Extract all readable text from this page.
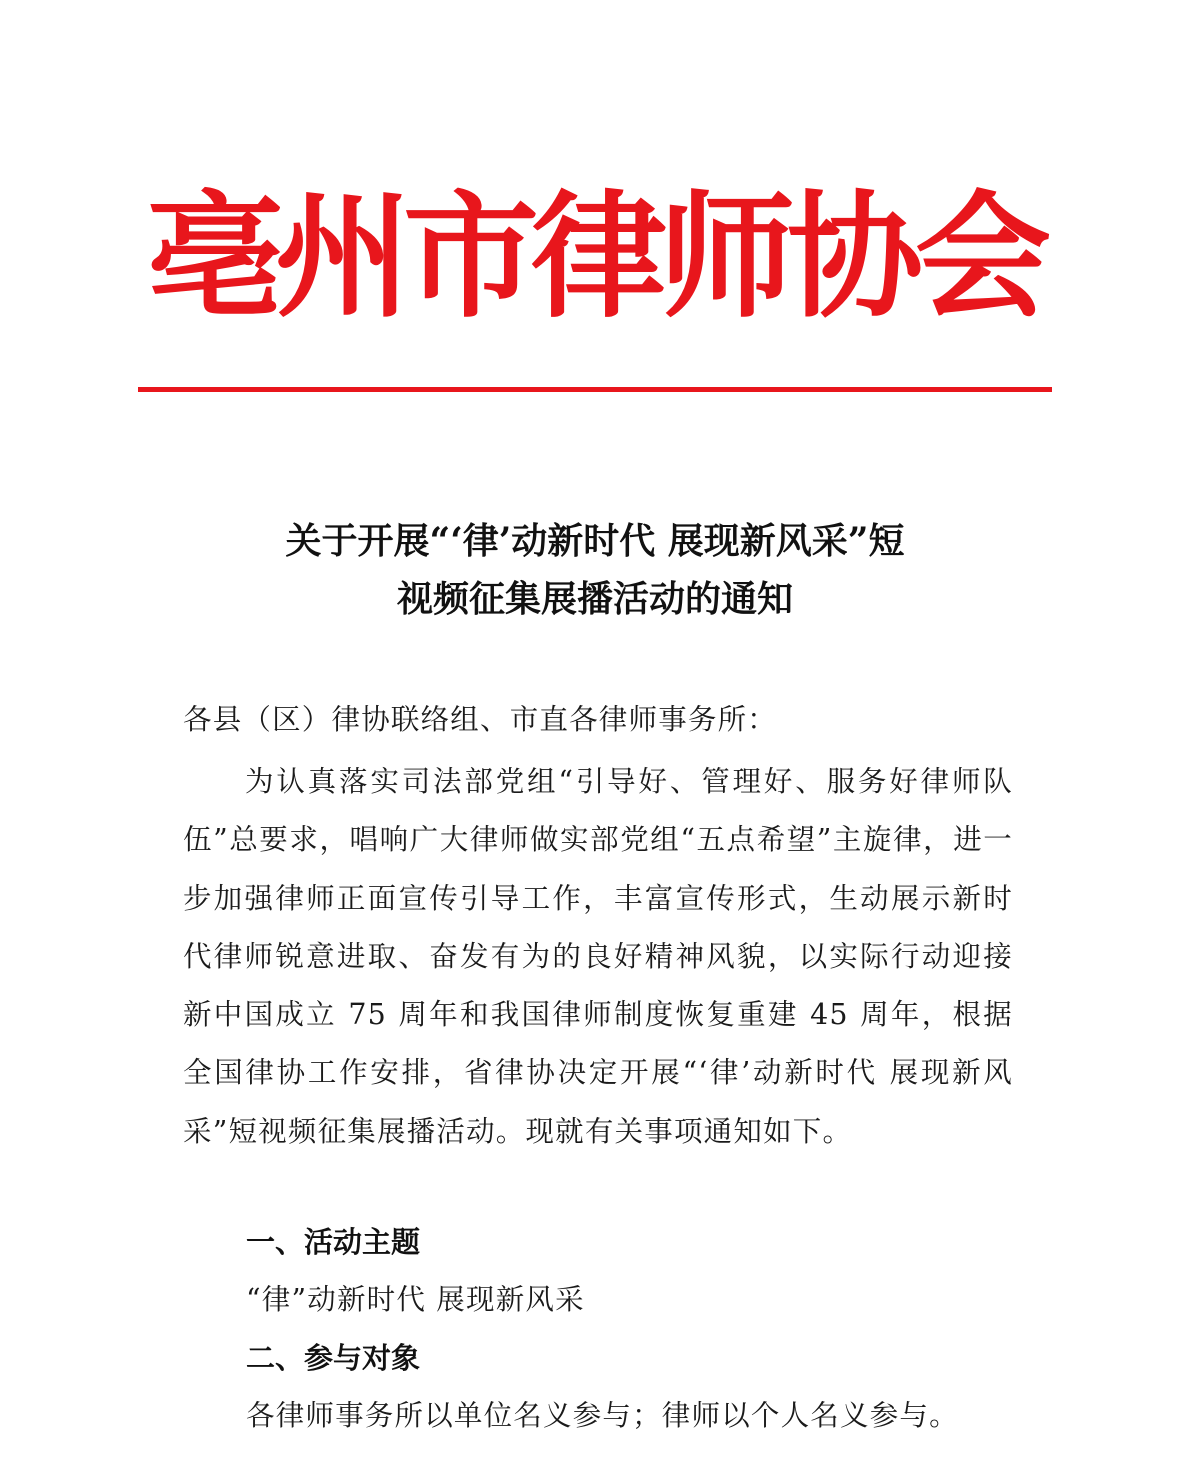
亳州市律师协会
关于开展“‘律’动新时代 展现新风采”短
视频征集展播活动的通知
各县（区）律协联络组、市直各律师事务所：
为认真落实司法部党组“引导好、管理好、服务好律师队伍”总要求，唱响广大律师做实部党组“五点希望”主旋律，进一步加强律师正面宣传引导工作，丰富宣传形式，生动展示新时代律师锐意进取、奋发有为的良好精神风貌，以实际行动迎接新中国成立 75 周年和我国律师制度恢复重建 45 周年，根据全国律协工作安排，省律协决定开展“‘律’动新时代 展现新风采”短视频征集展播活动。现就有关事项通知如下。
一、活动主题
“律”动新时代 展现新风采
二、参与对象
各律师事务所以单位名义参与；律师以个人名义参与。
